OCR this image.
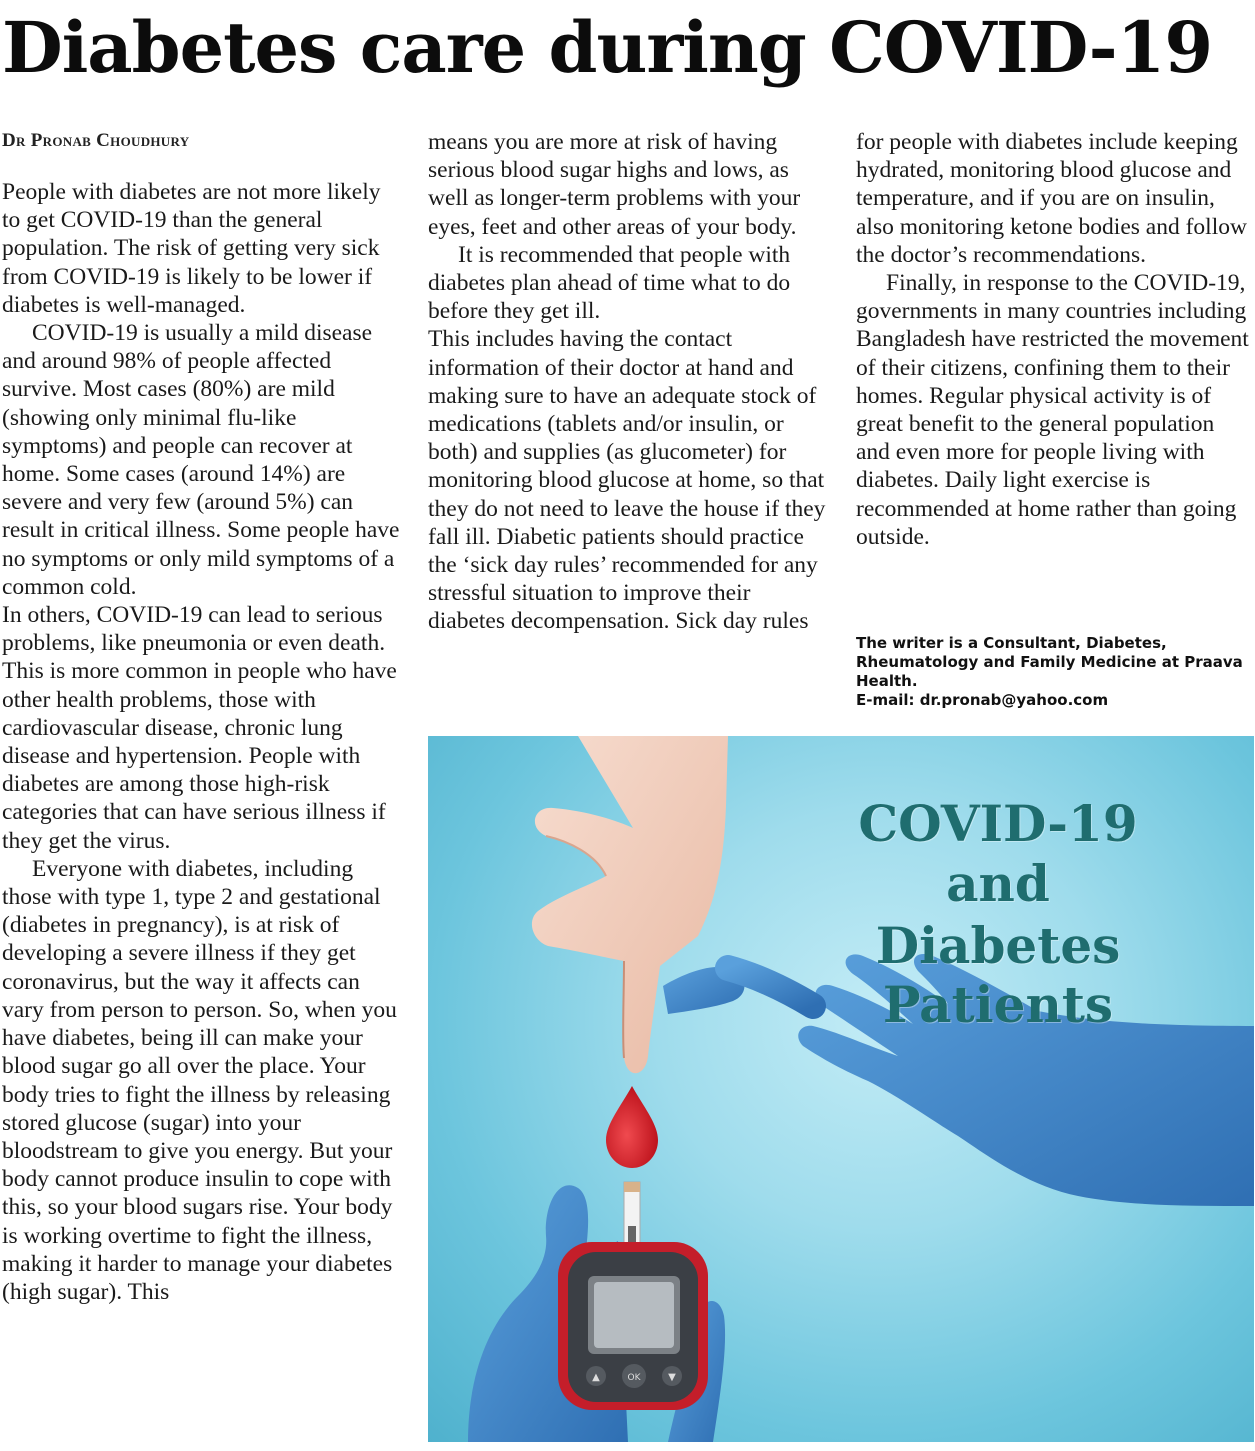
Diabetes care during COVID-19
Dr Pronab Choudhury

People with diabetes are not more likely to get COVID-19 than the general population. The risk of getting very sick from COVID-19 is likely to be lower if diabetes is well-managed.

COVID-19 is usually a mild disease and around 98% of people affected survive. Most cases (80%) are mild (showing only minimal flu-like symptoms) and people can recover at home. Some cases (around 14%) are severe and very few (around 5%) can result in critical illness. Some people have no symptoms or only mild symptoms of a common cold.

In others, COVID-19 can lead to serious problems, like pneumonia or even death. This is more common in people who have other health problems, those with cardiovascular disease, chronic lung disease and hypertension. People with diabetes are among those high-risk categories that can have serious illness if they get the virus.

Everyone with diabetes, including those with type 1, type 2 and gestational (diabetes in pregnancy), is at risk of developing a severe illness if they get coronavirus, but the way it affects can vary from person to person. So, when you have diabetes, being ill can make your blood sugar go all over the place. Your body tries to fight the illness by releasing stored glucose (sugar) into your bloodstream to give you energy. But your body cannot produce insulin to cope with this, so your blood sugars rise. Your body is working overtime to fight the illness, making it harder to manage your diabetes (high sugar). This

means you are more at risk of having serious blood sugar highs and lows, as well as longer-term problems with your eyes, feet and other areas of your body.

It is recommended that people with diabetes plan ahead of time what to do before they get ill.

This includes having the contact information of their doctor at hand and making sure to have an adequate stock of medications (tablets and/or insulin, or both) and supplies (as glucometer) for monitoring blood glucose at home, so that they do not need to leave the house if they fall ill. Diabetic patients should practice the ‘sick day rules’ recommended for any stressful situation to improve their diabetes decompensation. Sick day rules

for people with diabetes include keeping hydrated, monitoring blood glucose and temperature, and if you are on insulin, also monitoring ketone bodies and follow the doctor’s recommendations.

Finally, in response to the COVID-19, governments in many countries including Bangladesh have restricted the movement of their citizens, confining them to their homes. Regular physical activity is of great benefit to the general population and even more for people living with diabetes. Daily light exercise is recommended at home rather than going outside.

The writer is a Consultant, Diabetes, Rheumatology and Family Medicine at Praava Health.
E-mail: dr.pronab@yahoo.com
▲	OK	▼
COVID-19
and
Diabetes Patients
